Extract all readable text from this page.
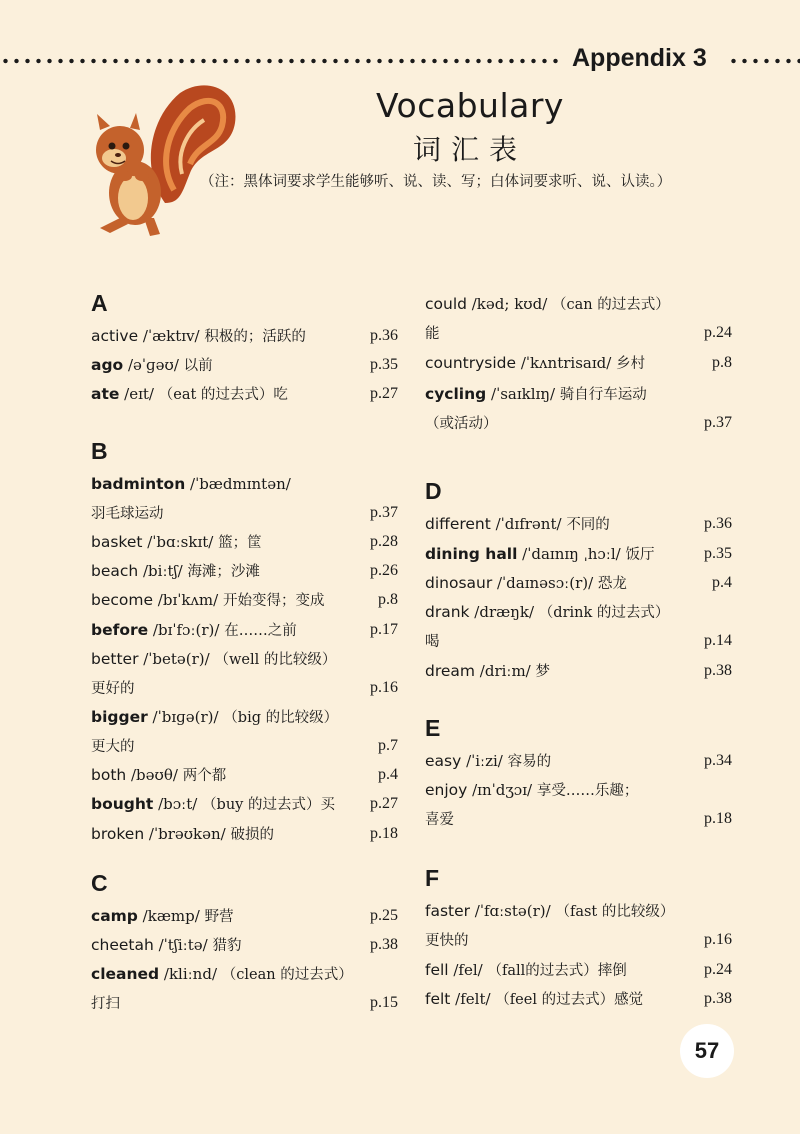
Appendix 3
Vocabulary
词汇表
（注：黑体词要求学生能够听、说、读、写；白体词要求听、说、认读。）
A
active /ˈæktɪv/ 积极的；活跃的	p.36
ago /əˈɡəʊ/ 以前	p.35
ate /eɪt/ （eat 的过去式）吃	p.27
B
badminton /ˈbædmɪntən/
羽毛球运动	p.37
basket /ˈbɑːskɪt/ 篮；筐	p.28
beach /biːtʃ/ 海滩；沙滩	p.26
become /bɪˈkʌm/ 开始变得；变成	p.8
before /bɪˈfɔː(r)/ 在……之前	p.17
better /ˈbetə(r)/ （well 的比较级）
更好的	p.16
bigger /ˈbɪɡə(r)/ （big 的比较级）
更大的	p.7
both /bəʊθ/ 两个都	p.4
bought /bɔːt/ （buy 的过去式）买 p.27
broken /ˈbrəʊkən/ 破损的	p.18
C
camp /kæmp/ 野营	p.25
cheetah /ˈtʃiːtə/ 猎豹	p.38
cleaned /kliːnd/ （clean 的过去式）
打扫	p.15
could /kəd; kʊd/ （can 的过去式）
能	p.24
countryside /ˈkʌntrisaɪd/ 乡村	p.8
cycling /ˈsaɪklɪŋ/ 骑自行车运动
（或活动）	p.37
D
different /ˈdɪfrənt/ 不同的	p.36
dining hall /ˈdaɪnɪŋ ˌhɔːl/ 饭厅	p.35
dinosaur /ˈdaɪnəsɔː(r)/ 恐龙	p.4
drank /dræŋk/ （drink 的过去式）
喝	p.14
dream /driːm/ 梦	p.38
E
easy /ˈiːzi/ 容易的	p.34
enjoy /ɪnˈdʒɔɪ/ 享受……乐趣；
喜爱	p.18
F
faster /ˈfɑːstə(r)/ （fast 的比较级）
更快的	p.16
fell /fel/ （fall的过去式）摔倒	p.24
felt /felt/ （feel 的过去式）感觉	p.38
57
